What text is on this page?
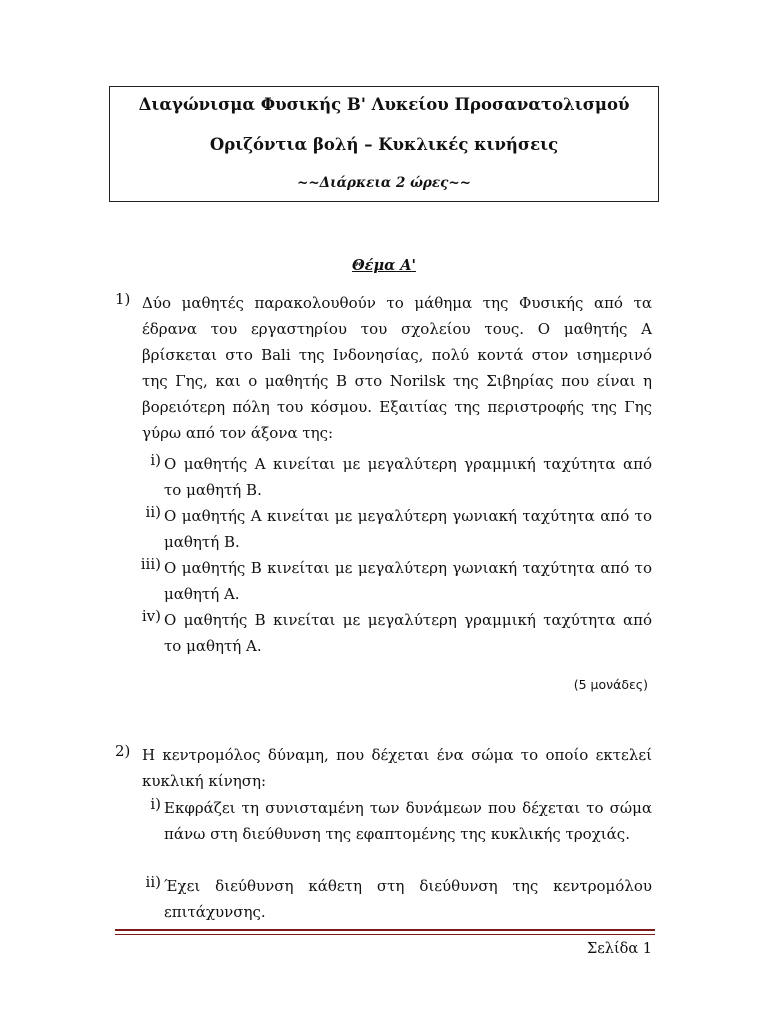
Διαγώνισμα Φυσικής Β' Λυκείου Προσανατολισμού
Οριζόντια βολή – Κυκλικές κινήσεις
~~Διάρκεια 2 ώρες~~
Θέμα Α'
1) Δύο μαθητές παρακολουθούν το μάθημα της Φυσικής από τα έδρανα του εργαστηρίου του σχολείου τους. Ο μαθητής Α βρίσκεται στο Bali της Ινδονησίας, πολύ κοντά στον ισημερινό της Γης, και ο μαθητής Β στο Norilsk της Σιβηρίας που είναι η βορειότερη πόλη του κόσμου. Εξαιτίας της περιστροφής της Γης γύρω από τον άξονα της:
i) Ο μαθητής Α κινείται με μεγαλύτερη γραμμική ταχύτητα από το μαθητή Β.
ii) Ο μαθητής Α κινείται με μεγαλύτερη γωνιακή ταχύτητα από το μαθητή Β.
iii) Ο μαθητής Β κινείται με μεγαλύτερη γωνιακή ταχύτητα από το μαθητή Α.
iv) Ο μαθητής Β κινείται με μεγαλύτερη γραμμική ταχύτητα από το μαθητή Α.
(5 μονάδες)
2) Η κεντρομόλος δύναμη, που δέχεται ένα σώμα το οποίο εκτελεί κυκλική κίνηση:
i) Εκφράζει τη συνισταμένη των δυνάμεων που δέχεται το σώμα πάνω στη διεύθυνση της εφαπτομένης της κυκλικής τροχιάς.
ii) Έχει διεύθυνση κάθετη στη διεύθυνση της κεντρομόλου επιτάχυνσης.
Σελίδα 1
